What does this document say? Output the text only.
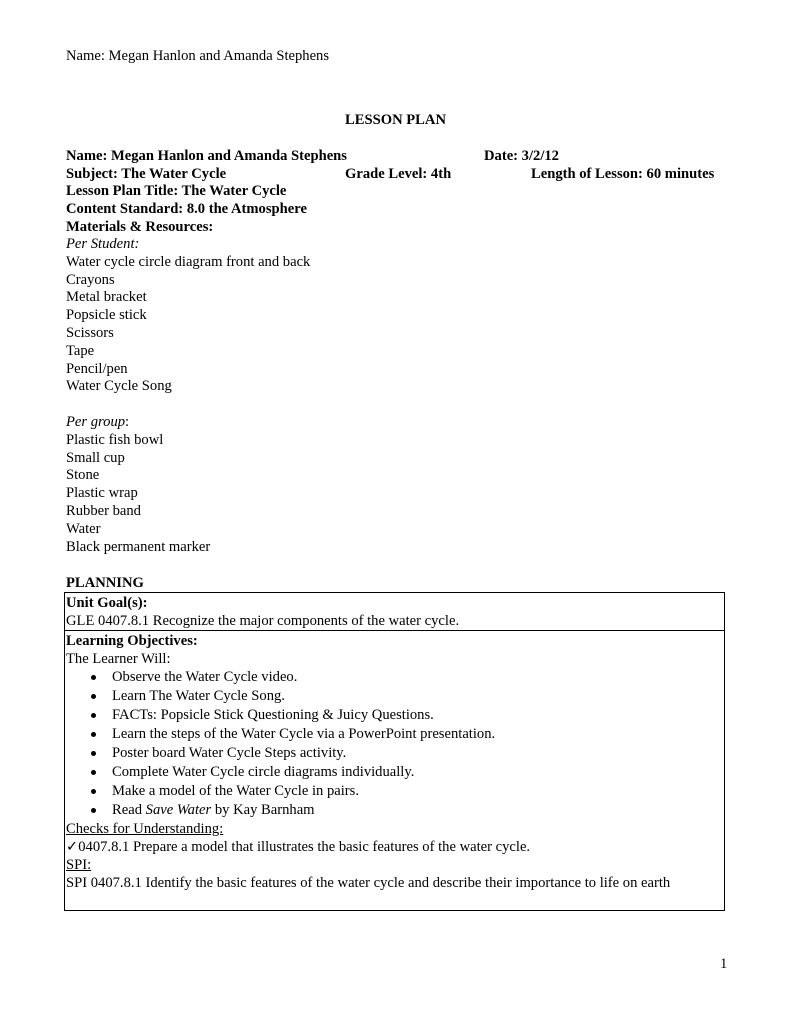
Name: Megan Hanlon and Amanda Stephens
LESSON PLAN
Name: Megan Hanlon and Amanda Stephens	Date: 3/2/12
Subject: The Water Cycle	Grade Level: 4th	Length of Lesson: 60 minutes
Lesson Plan Title: The Water Cycle
Content Standard: 8.0 the Atmosphere
Materials & Resources:
Per Student:
Water cycle circle diagram front and back
Crayons
Metal bracket
Popsicle stick
Scissors
Tape
Pencil/pen
Water Cycle Song
Per group:
Plastic fish bowl
Small cup
Stone
Plastic wrap
Rubber band
Water
Black permanent marker
PLANNING
Unit Goal(s):
GLE 0407.8.1 Recognize the major components of the water cycle.
Learning Objectives:
The Learner Will:
Observe the Water Cycle video.
Learn The Water Cycle Song.
FACTs: Popsicle Stick Questioning & Juicy Questions.
Learn the steps of the Water Cycle via a PowerPoint presentation.
Poster board Water Cycle Steps activity.
Complete Water Cycle circle diagrams individually.
Make a model of the Water Cycle in pairs.
Read Save Water by Kay Barnham
Checks for Understanding:
✓0407.8.1 Prepare a model that illustrates the basic features of the water cycle.
SPI:
SPI 0407.8.1 Identify the basic features of the water cycle and describe their importance to life on earth
1
